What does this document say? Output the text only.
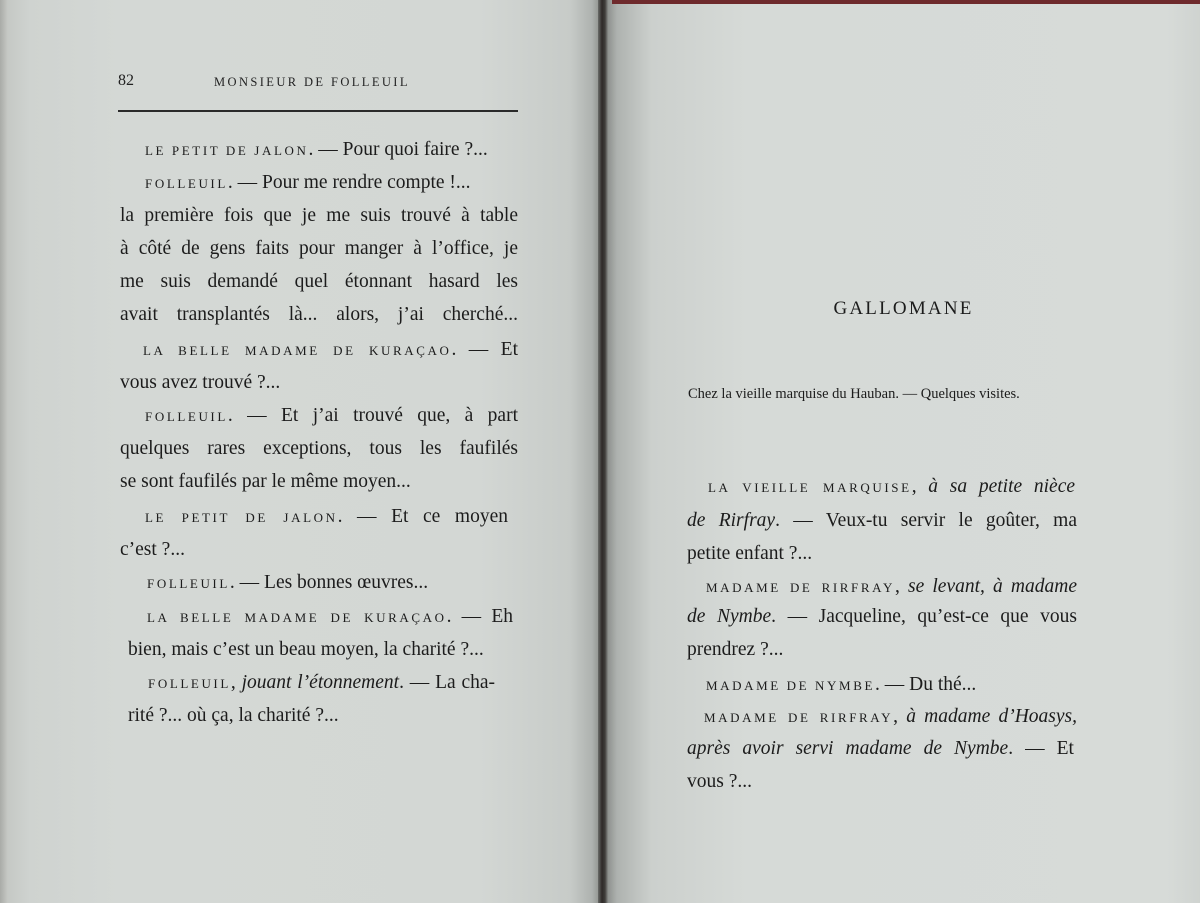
82	MONSIEUR DE FOLLEUIL
LE PETIT DE JALON. — Pour quoi faire ?...
FOLLEUIL. — Pour me rendre compte !...
la première fois que je me suis trouvé à table
à côté de gens faits pour manger à l’office, je
me suis demandé quel étonnant hasard les
avait transplantés là... alors, j’ai cherché...
LA BELLE MADAME DE KURAÇAO. — Et
vous avez trouvé ?...
FOLLEUIL. — Et j’ai trouvé que, à part
quelques rares exceptions, tous les faufilés
se sont faufilés par le même moyen...
LE PETIT DE JALON. — Et ce moyen
c’est ?...
FOLLEUIL. — Les bonnes œuvres...
LA BELLE MADAME DE KURAÇAO. — Eh
bien, mais c’est un beau moyen, la charité ?...
FOLLEUIL, jouant l’étonnement. — La cha-
rité ?... où ça, la charité ?...
GALLOMANE
Chez la vieille marquise du Hauban. — Quelques visites.
LA VIEILLE MARQUISE, à sa petite nièce
de Rirfray. — Veux-tu servir le goûter, ma
petite enfant ?...
MADAME DE RIRFRAY, se levant, à madame
de Nymbe. — Jacqueline, qu’est-ce que vous
prendrez ?...
MADAME DE NYMBE. — Du thé...
MADAME DE RIRFRAY, à madame d’Hoasys,
après avoir servi madame de Nymbe. — Et
vous ?...
